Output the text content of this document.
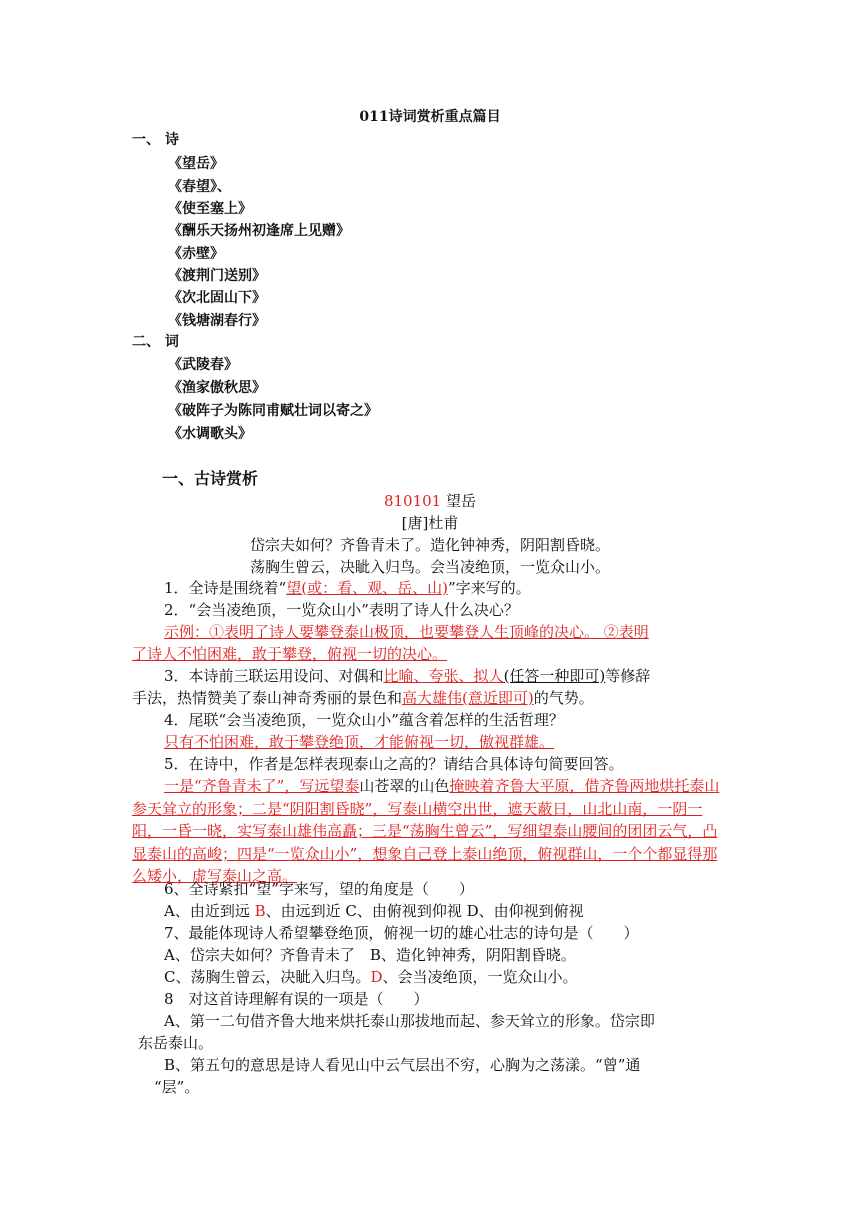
011诗词赏析重点篇目
一、 诗
《望岳》
《春望》、
《使至塞上》
《酬乐天扬州初逢席上见赠》
《赤壁》
《渡荆门送别》
《次北固山下》
《钱塘湖春行》
二、 词
《武陵春》
《渔家傲秋思》
《破阵子为陈同甫赋壮词以寄之》
《水调歌头》
一、古诗赏析
810101 望岳
[唐]杜甫
岱宗夫如何？齐鲁青未了。造化钟神秀，阴阳割昏晓。
荡胸生曾云，决眦入归鸟。会当凌绝顶，一览众山小。
1．全诗是围绕着“望(或：看、观、岳、山)”字来写的。
2．“会当凌绝顶，一览众山小”表明了诗人什么决心？
示例：①表明了诗人要攀登泰山极顶，也要攀登人生顶峰的决心。 ②表明
了诗人不怕困难，敢于攀登，俯视一切的决心。
3．本诗前三联运用设问、对偶和比喻、夸张、拟人(任答一种即可)等修辞
手法，热情赞美了泰山神奇秀丽的景色和高大雄伟(意近即可)的气势。
4．尾联“会当凌绝顶，一览众山小”蕴含着怎样的生活哲理？
只有不怕困难，敢于攀登绝顶，才能俯视一切，傲视群雄。
5．在诗中，作者是怎样表现泰山之高的？请结合具体诗句简要回答。
一是“齐鲁青未了”，写远望泰山苍翠的山色掩映着齐鲁大平原，借齐鲁两地烘托泰山参天耸立的形象；二是“阴阳割昏晓”，写泰山横空出世，遮天蔽日，山北山南，一阴一阳，一昏一晓，实写泰山雄伟高矗；三是“荡胸生曾云”，写细望泰山腰间的团团云气，凸显泰山的高峻；四是“一览众山小”，想象自己登上泰山绝顶，俯视群山，一个个都显得那么矮小，虚写泰山之高。
6、全诗紧扣“望”字来写，望的角度是（　　）
A、由近到远 B、由远到近 C、由俯视到仰视 D、由仰视到俯视
7、最能体现诗人希望攀登绝顶，俯视一切的雄心壮志的诗句是（　　）
A、岱宗夫如何？齐鲁青未了　B、造化钟神秀，阴阳割昏晓。
C、荡胸生曾云，决眦入归鸟。D、会当凌绝顶，一览众山小。
8　对这首诗理解有误的一项是（　　）
A、第一二句借齐鲁大地来烘托泰山那拔地而起、参天耸立的形象。岱宗即
东岳泰山。
B、第五句的意思是诗人看见山中云气层出不穷，心胸为之荡漾。“曾”通
“层”。
